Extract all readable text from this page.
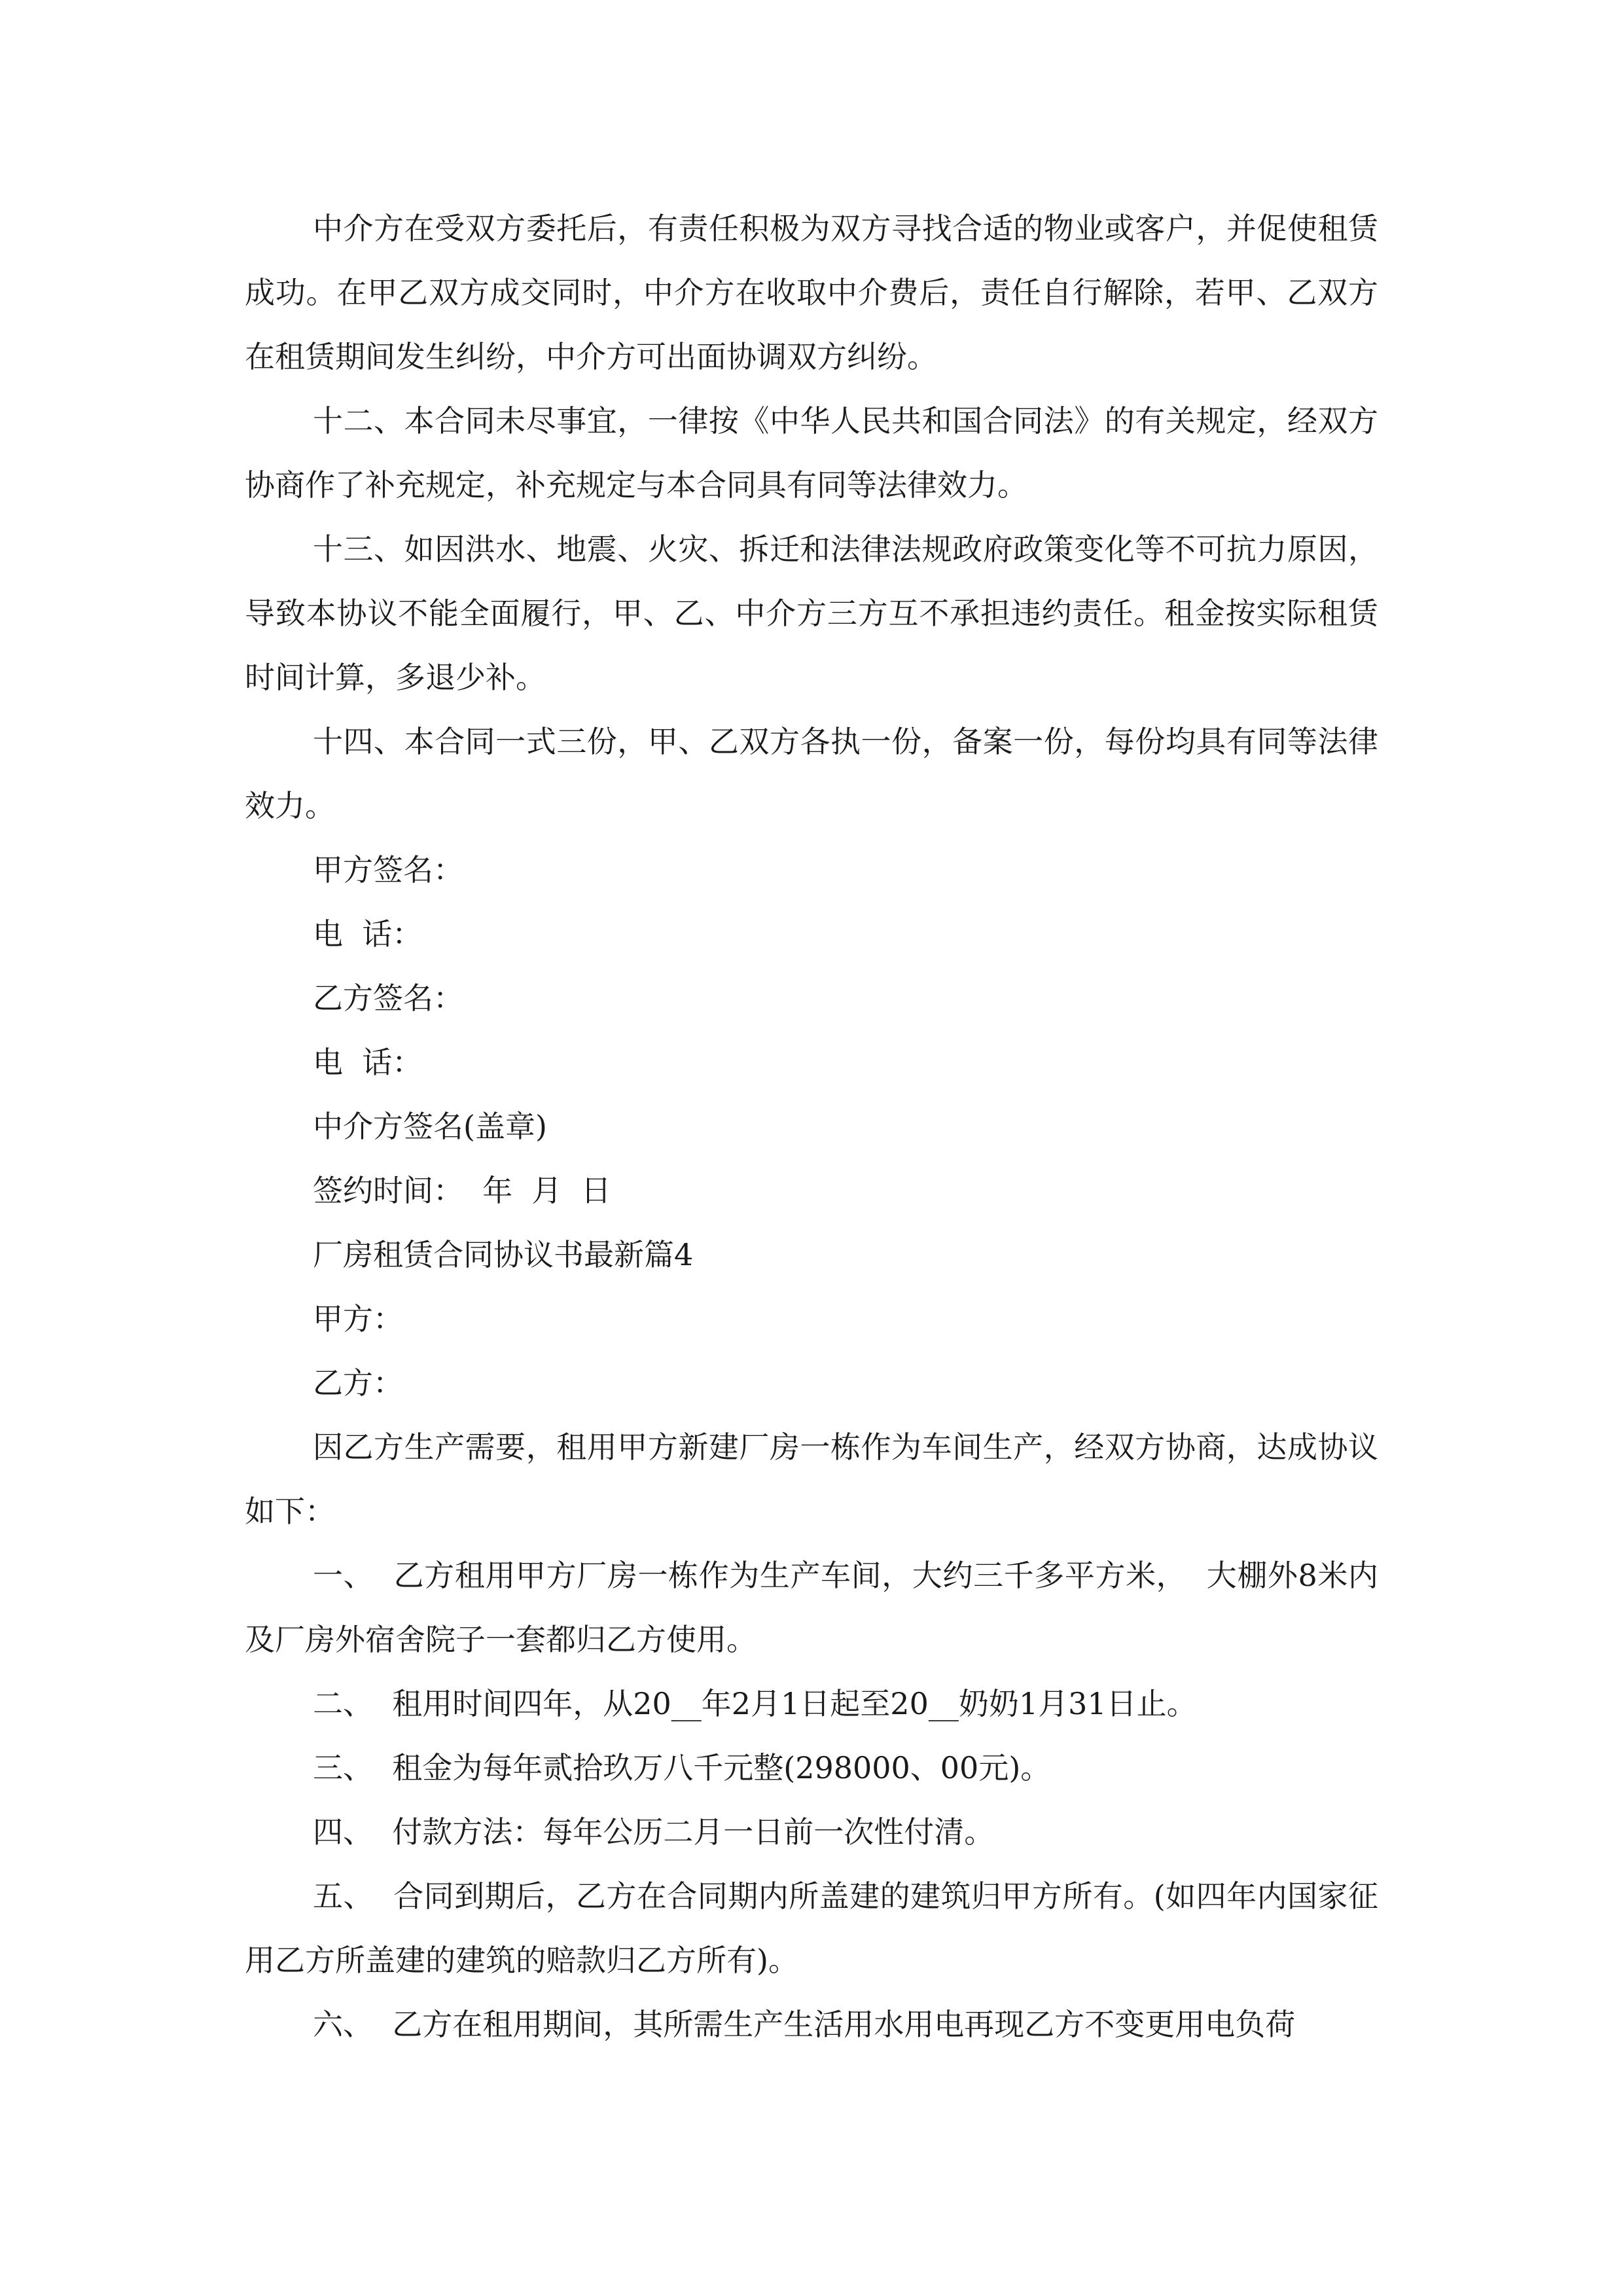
中介方在受双方委托后，有责任积极为双方寻找合适的物业或客户，并促使租赁成功。在甲乙双方成交同时，中介方在收取中介费后，责任自行解除，若甲、乙双方在租赁期间发生纠纷，中介方可出面协调双方纠纷。

十二、本合同未尽事宜，一律按《中华人民共和国合同法》的有关规定，经双方协商作了补充规定，补充规定与本合同具有同等法律效力。

十三、如因洪水、地震、火灾、拆迁和法律法规政府政策变化等不可抗力原因，导致本协议不能全面履行，甲、乙、中介方三方互不承担违约责任。租金按实际租赁时间计算，多退少补。

十四、本合同一式三份，甲、乙双方各执一份，备案一份，每份均具有同等法律效力。

甲方签名：

电  话：

乙方签名：

电  话：

中介方签名(盖章)

签约时间：  年  月  日

厂房租赁合同协议书最新篇4

甲方：

乙方：

因乙方生产需要，租用甲方新建厂房一栋作为车间生产，经双方协商，达成协议如下：

一、  乙方租用甲方厂房一栋作为生产车间，大约三千多平方米，  大棚外8米内及厂房外宿舍院子一套都归乙方使用。

二、  租用时间四年，从20__年2月1日起至20__奶奶1月31日止。

三、  租金为每年贰拾玖万八千元整(298000、00元)。

四、  付款方法：每年公历二月一日前一次性付清。

五、  合同到期后，乙方在合同期内所盖建的建筑归甲方所有。(如四年内国家征用乙方所盖建的建筑的赔款归乙方所有)。

六、  乙方在租用期间，其所需生产生活用水用电再现乙方不变更用电负荷
